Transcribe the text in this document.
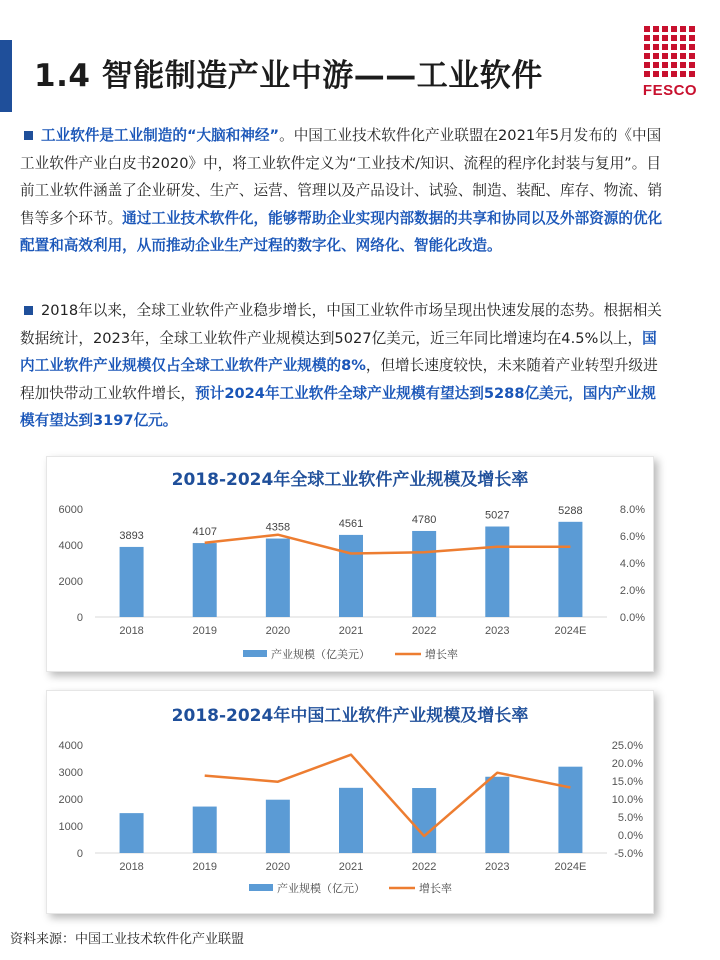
1.4 智能制造产业中游——工业软件	FESCO
工业软件是工业制造的“大脑和神经”。中国工业技术软件化产业联盟在2021年5月发布的《中国工业软件产业白皮书2020》中，将工业软件定义为“工业技术/知识、流程的程序化封装与复用”。目前工业软件涵盖了企业研发、生产、运营、管理以及产品设计、试验、制造、装配、库存、物流、销售等多个环节。通过工业技术软件化，能够帮助企业实现内部数据的共享和协同以及外部资源的优化配置和高效利用，从而推动企业生产过程的数字化、网络化、智能化改造。
2018年以来，全球工业软件产业稳步增长，中国工业软件市场呈现出快速发展的态势。根据相关数据统计，2023年，全球工业软件产业规模达到5027亿美元，近三年同比增速均在4.5%以上，国内工业软件产业规模仅占全球工业软件产业规模的8%，但增长速度较快，未来随着产业转型升级进程加快带动工业软件增长，预计2024年工业软件全球产业规模有望达到5288亿美元，国内产业规模有望达到3197亿元。
2018-2024年全球工业软件产业规模及增长率
6000
4000
2000
0
8.0%
6.0%
4.0%
2.0%
0.0%
2018
3893
2019
4107
2020
4358
2021
4561
2022
4780
2023
5027
2024E
5288
产业规模（亿美元）	增长率
2018-2024年中国工业软件产业规模及增长率
4000
3000
2000
1000
0
25.0%
20.0%
15.0%
10.0%
5.0%
0.0%
-5.0%
2018	2019	2020	2021	2022	2023	2024E
产业规模（亿元）	增长率

资料来源：中国工业技术软件化产业联盟
